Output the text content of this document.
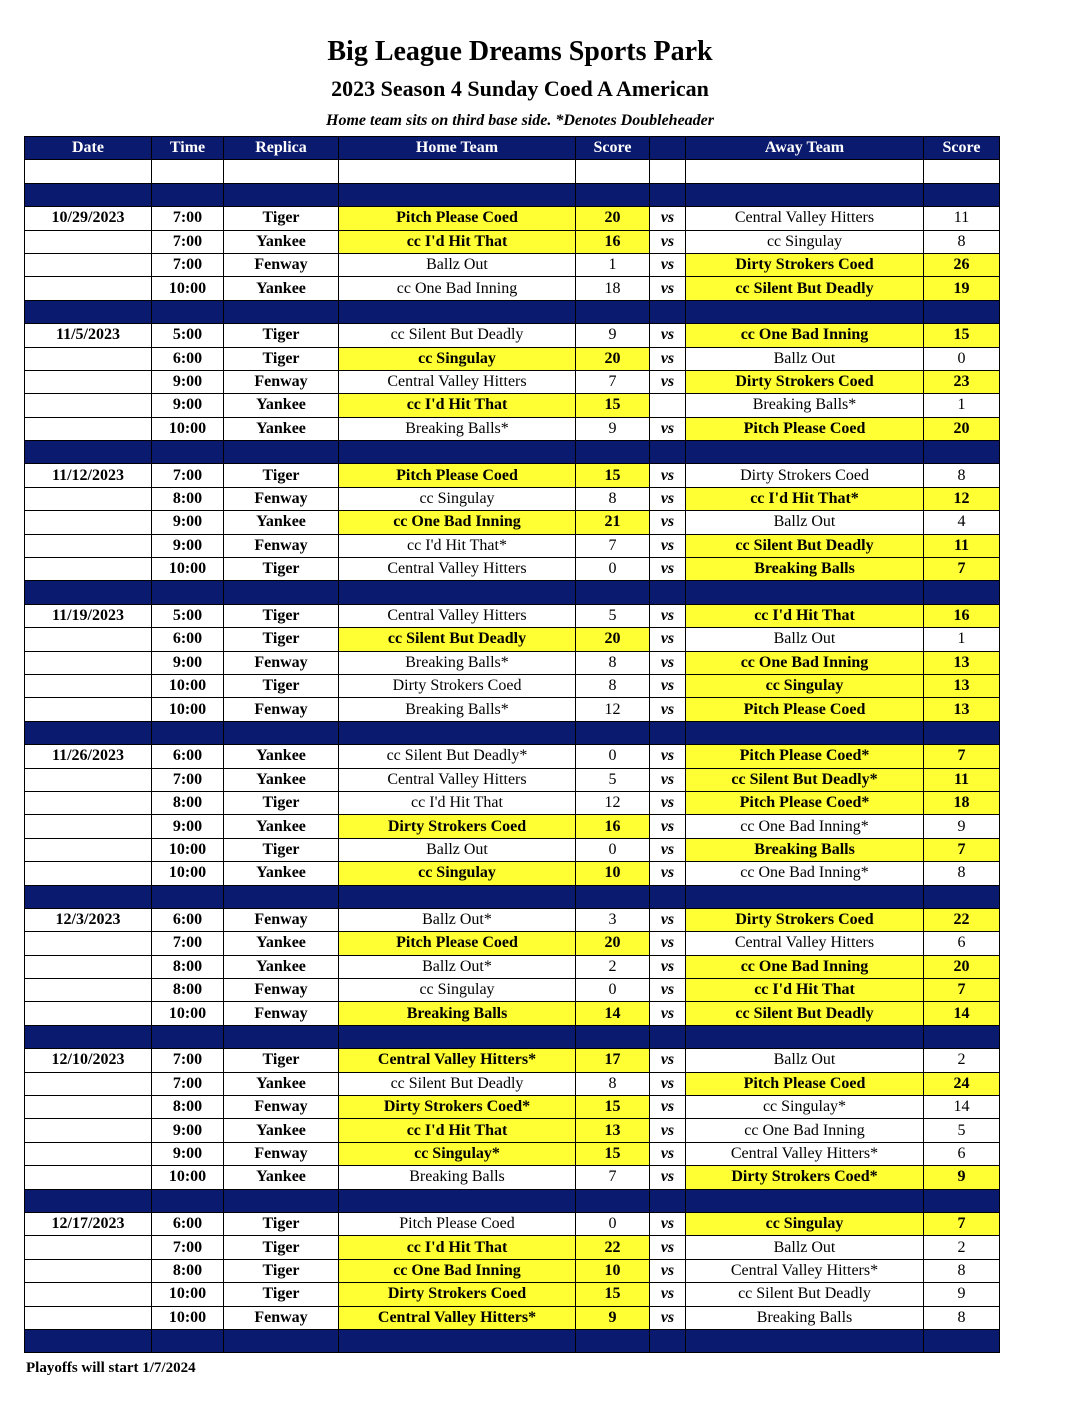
Big League Dreams Sports Park
2023 Season 4 Sunday Coed A American
Home team sits on third base side. *Denotes Doubleheader
Date	Time	Replica	Home Team	Score		Away Team	Score

10/29/2023	7:00	Tiger	Pitch Please Coed	20	vs	Central Valley Hitters	11
	7:00	Yankee	cc I'd Hit That	16	vs	cc Singulay	8
	7:00	Fenway	Ballz Out	1	vs	Dirty Strokers Coed	26
	10:00	Yankee	cc One Bad Inning	18	vs	cc Silent But Deadly	19

11/5/2023	5:00	Tiger	cc Silent But Deadly	9	vs	cc One Bad Inning	15
	6:00	Tiger	cc Singulay	20	vs	Ballz Out	0
	9:00	Fenway	Central Valley Hitters	7	vs	Dirty Strokers Coed	23
	9:00	Yankee	cc I'd Hit That	15		Breaking Balls*	1
	10:00	Yankee	Breaking Balls*	9	vs	Pitch Please Coed	20

11/12/2023	7:00	Tiger	Pitch Please Coed	15	vs	Dirty Strokers Coed	8
	8:00	Fenway	cc Singulay	8	vs	cc I'd Hit That*	12
	9:00	Yankee	cc One Bad Inning	21	vs	Ballz Out	4
	9:00	Fenway	cc I'd Hit That*	7	vs	cc Silent But Deadly	11
	10:00	Tiger	Central Valley Hitters	0	vs	Breaking Balls	7

11/19/2023	5:00	Tiger	Central Valley Hitters	5	vs	cc I'd Hit That	16
	6:00	Tiger	cc Silent But Deadly	20	vs	Ballz Out	1
	9:00	Fenway	Breaking Balls*	8	vs	cc One Bad Inning	13
	10:00	Tiger	Dirty Strokers Coed	8	vs	cc Singulay	13
	10:00	Fenway	Breaking Balls*	12	vs	Pitch Please Coed	13

11/26/2023	6:00	Yankee	cc Silent But Deadly*	0	vs	Pitch Please Coed*	7
	7:00	Yankee	Central Valley Hitters	5	vs	cc Silent But Deadly*	11
	8:00	Tiger	cc I'd Hit That	12	vs	Pitch Please Coed*	18
	9:00	Yankee	Dirty Strokers Coed	16	vs	cc One Bad Inning*	9
	10:00	Tiger	Ballz Out	0	vs	Breaking Balls	7
	10:00	Yankee	cc Singulay	10	vs	cc One Bad Inning*	8

12/3/2023	6:00	Fenway	Ballz Out*	3	vs	Dirty Strokers Coed	22
	7:00	Yankee	Pitch Please Coed	20	vs	Central Valley Hitters	6
	8:00	Yankee	Ballz Out*	2	vs	cc One Bad Inning	20
	8:00	Fenway	cc Singulay	0	vs	cc I'd Hit That	7
	10:00	Fenway	Breaking Balls	14	vs	cc Silent But Deadly	14

12/10/2023	7:00	Tiger	Central Valley Hitters*	17	vs	Ballz Out	2
	7:00	Yankee	cc Silent But Deadly	8	vs	Pitch Please Coed	24
	8:00	Fenway	Dirty Strokers Coed*	15	vs	cc Singulay*	14
	9:00	Yankee	cc I'd Hit That	13	vs	cc One Bad Inning	5
	9:00	Fenway	cc Singulay*	15	vs	Central Valley Hitters*	6
	10:00	Yankee	Breaking Balls	7	vs	Dirty Strokers Coed*	9

12/17/2023	6:00	Tiger	Pitch Please Coed	0	vs	cc Singulay	7
	7:00	Tiger	cc I'd Hit That	22	vs	Ballz Out	2
	8:00	Tiger	cc One Bad Inning	10	vs	Central Valley Hitters*	8
	10:00	Tiger	Dirty Strokers Coed	15	vs	cc Silent But Deadly	9
	10:00	Fenway	Central Valley Hitters*	9	vs	Breaking Balls	8

Playoffs will start 1/7/2024
